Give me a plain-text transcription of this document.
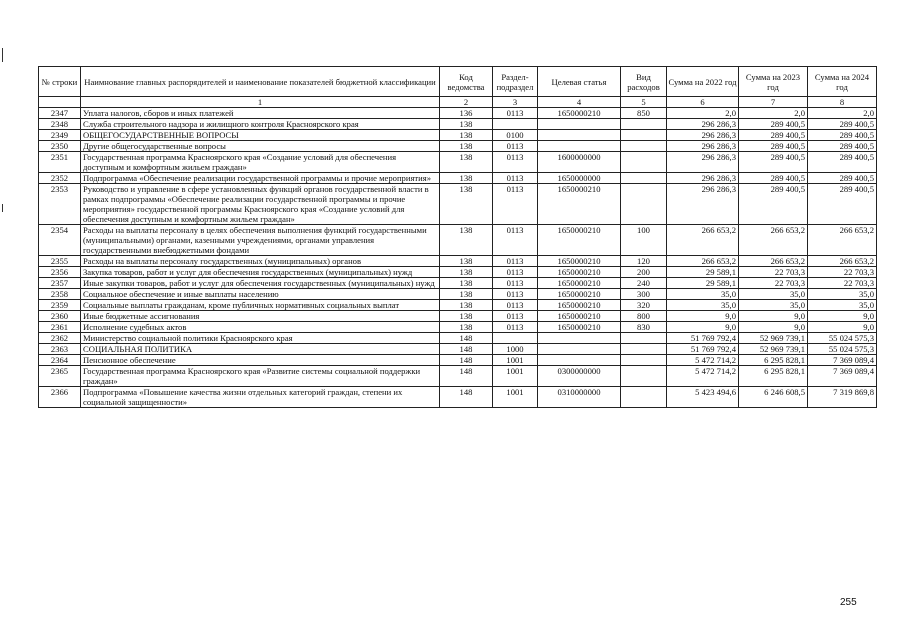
№ строки	Наимнование главных распорядителей и наименование показателей бюджетной классификации	Код ведомства	Раздел-подраздел	Целевая статья	Вид расходов	Сумма на 2022 год	Сумма на 2023 год	Сумма на 2024 год
	1	2	3	4	5	6	7	8
2347	Уплата налогов, сборов и иных платежей	136	0113	1650000210	850	2,0	2,0	2,0
2348	Служба строительного надзора и жилищного контроля Красноярского края	138				296 286,3	289 400,5	289 400,5
2349	ОБЩЕГОСУДАРСТВЕННЫЕ ВОПРОСЫ	138	0100			296 286,3	289 400,5	289 400,5
2350	Другие общегосударственные вопросы	138	0113			296 286,3	289 400,5	289 400,5
2351	Государственная программа Красноярского края «Создание условий для обеспечения доступным и комфортным жильем граждан»	138	0113	1600000000		296 286,3	289 400,5	289 400,5
2352	Подпрограмма «Обеспечение реализации государственной программы и прочие мероприятия»	138	0113	1650000000		296 286,3	289 400,5	289 400,5
2353	Руководство и управление в сфере установленных функций органов государственной власти в рамках подпрограммы «Обеспечение реализации государственной программы и прочие мероприятия» государственной программы Красноярского края «Создание условий для обеспечения доступным и комфортным жильем граждан»	138	0113	1650000210		296 286,3	289 400,5	289 400,5
2354	Расходы на выплаты персоналу в целях обеспечения выполнения функций государственными (муниципальными) органами, казенными учреждениями, органами управления государственными внебюджетными фондами	138	0113	1650000210	100	266 653,2	266 653,2	266 653,2
2355	Расходы на выплаты персоналу государственных (муниципальных) органов	138	0113	1650000210	120	266 653,2	266 653,2	266 653,2
2356	Закупка товаров, работ и услуг для обеспечения государственных (муниципальных) нужд	138	0113	1650000210	200	29 589,1	22 703,3	22 703,3
2357	Иные закупки товаров, работ и услуг для обеспечения государственных (муниципальных) нужд	138	0113	1650000210	240	29 589,1	22 703,3	22 703,3
2358	Социальное обеспечение и иные выплаты населению	138	0113	1650000210	300	35,0	35,0	35,0
2359	Социальные выплаты гражданам, кроме публичных нормативных социальных выплат	138	0113	1650000210	320	35,0	35,0	35,0
2360	Иные бюджетные ассигнования	138	0113	1650000210	800	9,0	9,0	9,0
2361	Исполнение судебных актов	138	0113	1650000210	830	9,0	9,0	9,0
2362	Министерство социальной политики Красноярского края	148				51 769 792,4	52 969 739,1	55 024 575,3
2363	СОЦИАЛЬНАЯ ПОЛИТИКА	148	1000			51 769 792,4	52 969 739,1	55 024 575,3
2364	Пенсионное обеспечение	148	1001			5 472 714,2	6 295 828,1	7 369 089,4
2365	Государственная программа Красноярского края «Развитие системы социальной поддержки граждан»	148	1001	0300000000		5 472 714,2	6 295 828,1	7 369 089,4
2366	Подпрограмма «Повышение качества жизни отдельных категорий граждан, степени их социальной защищенности»	148	1001	0310000000		5 423 494,6	6 246 608,5	7 319 869,8
255
